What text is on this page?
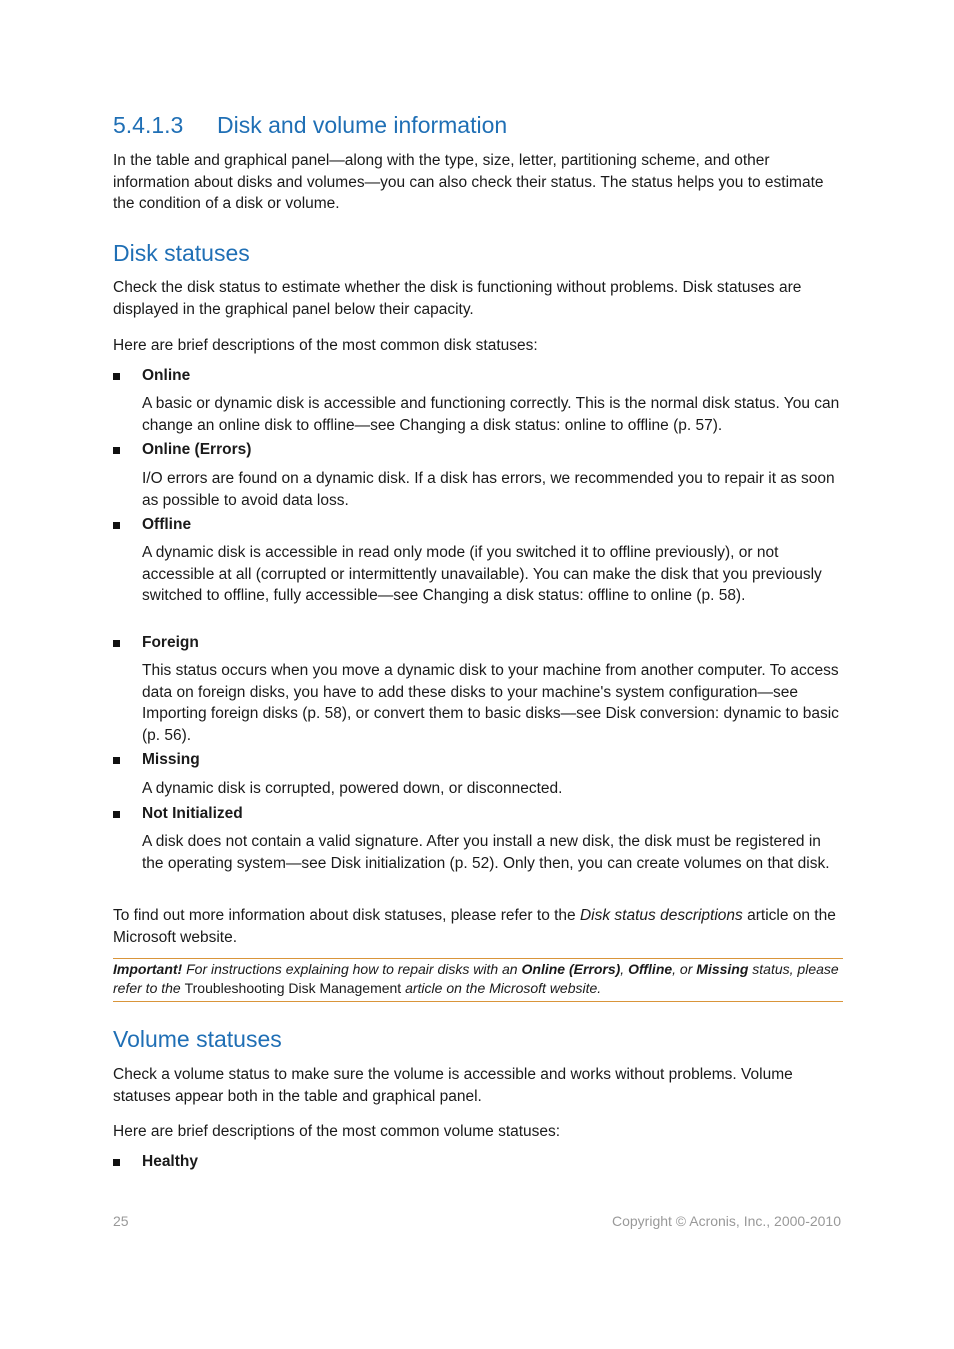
5.4.1.3 Disk and volume information
In the table and graphical panel—along with the type, size, letter, partitioning scheme, and other information about disks and volumes—you can also check their status. The status helps you to estimate the condition of a disk or volume.
Disk statuses
Check the disk status to estimate whether the disk is functioning without problems. Disk statuses are displayed in the graphical panel below their capacity.
Here are brief descriptions of the most common disk statuses:
Online
A basic or dynamic disk is accessible and functioning correctly. This is the normal disk status. You can change an online disk to offline—see Changing a disk status: online to offline (p. 57).
Online (Errors)
I/O errors are found on a dynamic disk. If a disk has errors, we recommended you to repair it as soon as possible to avoid data loss.
Offline
A dynamic disk is accessible in read only mode (if you switched it to offline previously), or not accessible at all (corrupted or intermittently unavailable). You can make the disk that you previously switched to offline, fully accessible—see Changing a disk status: offline to online (p. 58).
Foreign
This status occurs when you move a dynamic disk to your machine from another computer. To access data on foreign disks, you have to add these disks to your machine's system configuration—see Importing foreign disks (p. 58), or convert them to basic disks—see Disk conversion: dynamic to basic (p. 56).
Missing
A dynamic disk is corrupted, powered down, or disconnected.
Not Initialized
A disk does not contain a valid signature. After you install a new disk, the disk must be registered in the operating system—see Disk initialization (p. 52). Only then, you can create volumes on that disk.
To find out more information about disk statuses, please refer to the Disk status descriptions article on the Microsoft website.
Important! For instructions explaining how to repair disks with an Online (Errors), Offline, or Missing status, please refer to the Troubleshooting Disk Management article on the Microsoft website.
Volume statuses
Check a volume status to make sure the volume is accessible and works without problems. Volume statuses appear both in the table and graphical panel.
Here are brief descriptions of the most common volume statuses:
Healthy
25	Copyright © Acronis, Inc., 2000-2010
